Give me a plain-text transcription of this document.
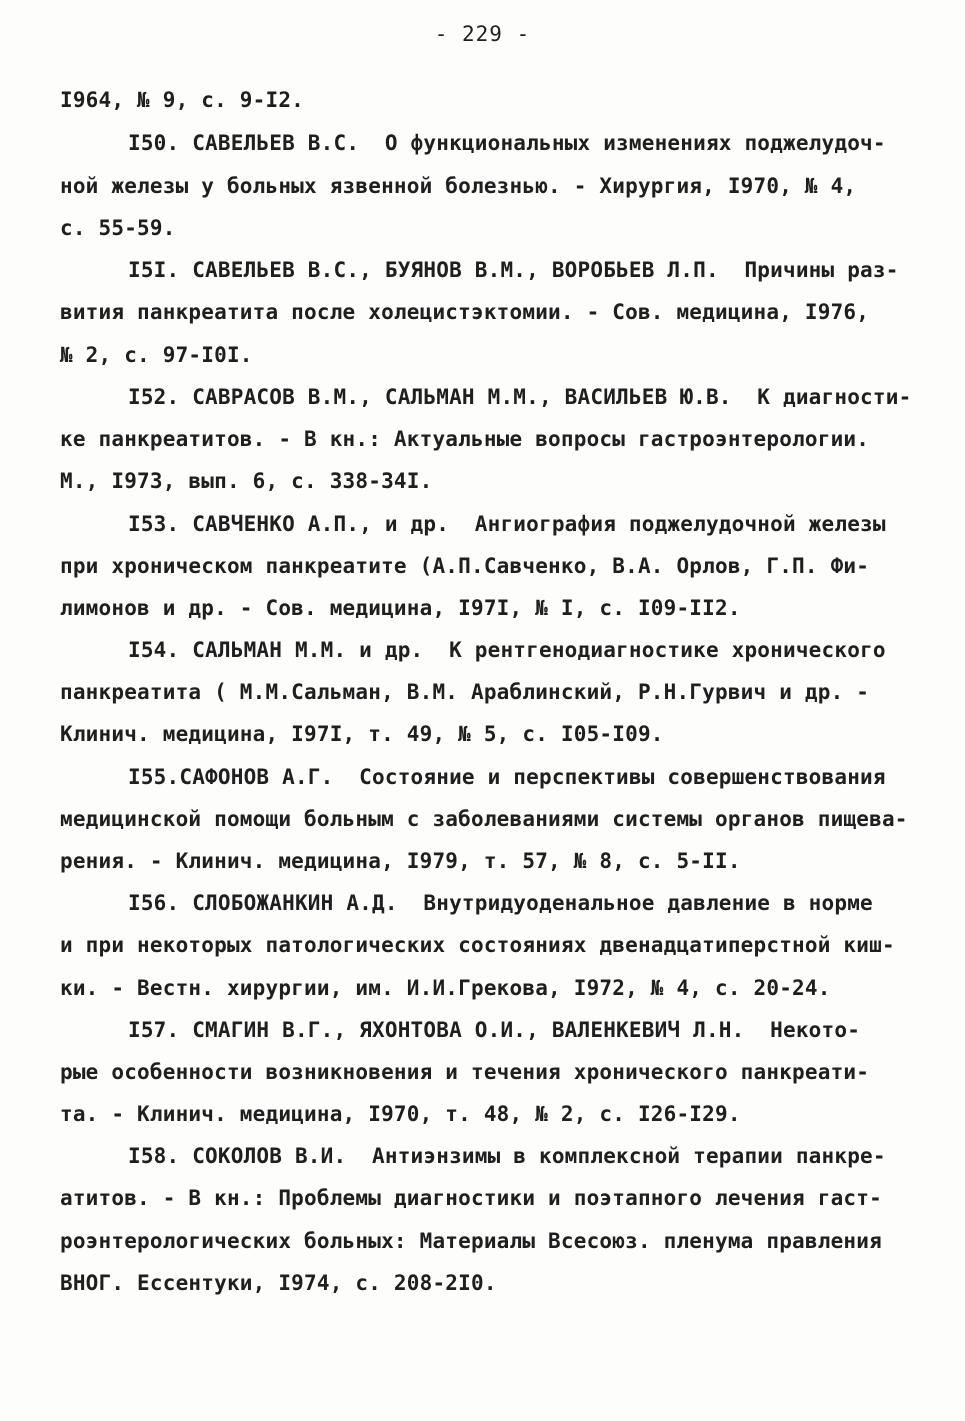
- 229 -
I964, № 9, с. 9-I2.
I50. САВЕЛЬЕВ В.С.  О функциональных изменениях поджелудоч-
ной железы у больных язвенной болезнью. - Хирургия, I970, № 4,
с. 55-59.
I5I. САВЕЛЬЕВ В.С., БУЯНОВ В.М., ВОРОБЬЕВ Л.П.  Причины раз-
вития панкреатита после холецистэктомии. - Сов. медицина, I976,
№ 2, с. 97-I0I.
I52. САВРАСОВ В.М., САЛЬМАН М.М., ВАСИЛЬЕВ Ю.В.  К диагности-
ке панкреатитов. - В кн.: Актуальные вопросы гастроэнтерологии.
М., I973, вып. 6, с. 338-34I.
I53. САВЧЕНКО А.П., и др.  Ангиография поджелудочной железы
при хроническом панкреатите (А.П.Савченко, В.А. Орлов, Г.П. Фи-
лимонов и др. - Сов. медицина, I97I, № I, с. I09-II2.
I54. САЛЬМАН М.М. и др.  К рентгенодиагностике хронического
панкреатита ( М.М.Сальман, В.М. Араблинский, Р.Н.Гурвич и др. -
Клинич. медицина, I97I, т. 49, № 5, с. I05-I09.
I55.САФОНОВ А.Г.  Состояние и перспективы совершенствования
медицинской помощи больным с заболеваниями системы органов пищева-
рения. - Клинич. медицина, I979, т. 57, № 8, с. 5-II.
I56. СЛОБОЖАНКИН А.Д.  Внутридуоденальное давление в норме
и при некоторых патологических состояниях двенадцатиперстной киш-
ки. - Вестн. хирургии, им. И.И.Грекова, I972, № 4, с. 20-24.
I57. СМАГИН В.Г., ЯХОНТОВА О.И., ВАЛЕНКЕВИЧ Л.Н.  Некото-
рые особенности возникновения и течения хронического панкреати-
та. - Клинич. медицина, I970, т. 48, № 2, с. I26-I29.
I58. СОКОЛОВ В.И.  Антиэнзимы в комплексной терапии панкре-
атитов. - В кн.: Проблемы диагностики и поэтапного лечения гаст-
роэнтерологических больных: Материалы Всесоюз. пленума правления
ВНОГ. Ессентуки, I974, с. 208-2I0.
